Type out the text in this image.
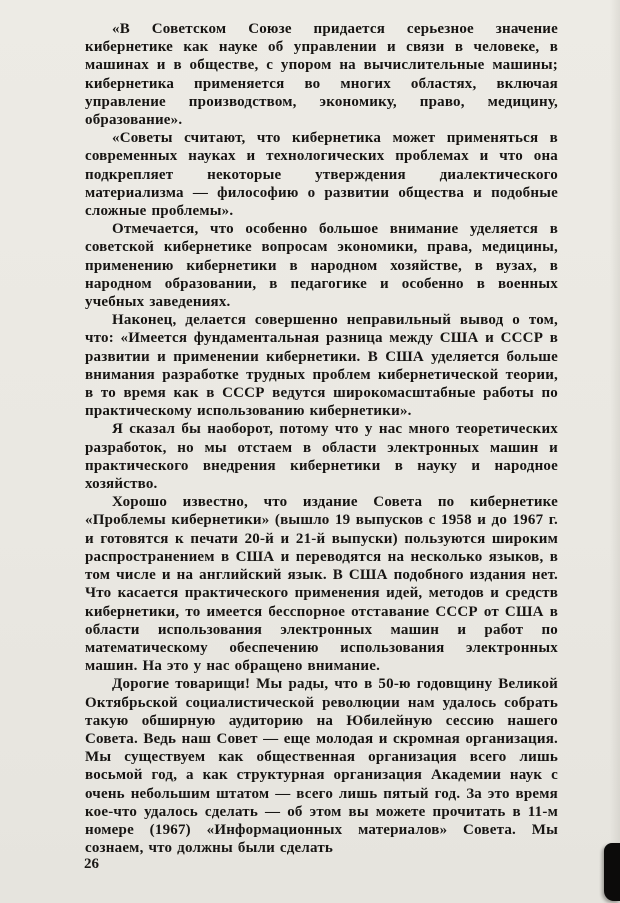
«В Советском Союзе придается серьезное значение кибернетике как науке об управлении и связи в человеке, в машинах и в обществе, с упором на вычислительные машины; кибернетика применяется во многих областях, включая управление производством, экономику, право, медицину, образование».

«Советы считают, что кибернетика может применяться в современных науках и технологических проблемах и что она подкрепляет некоторые утверждения диалектического материализма — философию о развитии общества и подобные сложные проблемы».

Отмечается, что особенно большое внимание уделяется в советской кибернетике вопросам экономики, права, медицины, применению кибернетики в народном хозяйстве, в вузах, в народном образовании, в педагогике и особенно в военных учебных заведениях.

Наконец, делается совершенно неправильный вывод о том, что: «Имеется фундаментальная разница между США и СССР в развитии и применении кибернетики. В США уделяется больше внимания разработке трудных проблем кибернетической теории, в то время как в СССР ведутся широкомасштабные работы по практическому использованию кибернетики».

Я сказал бы наоборот, потому что у нас много теоретических разработок, но мы отстаем в области электронных машин и практического внедрения кибернетики в науку и народное хозяйство.

Хорошо известно, что издание Совета по кибернетике «Проблемы кибернетики» (вышло 19 выпусков с 1958 и до 1967 г. и готовятся к печати 20-й и 21-й выпуски) пользуются широким распространением в США и переводятся на несколько языков, в том числе и на английский язык. В США подобного издания нет. Что касается практического применения идей, методов и средств кибернетики, то имеется бесспорное отставание СССР от США в области использования электронных машин и работ по математическому обеспечению использования электронных машин. На это у нас обращено внимание.

Дорогие товарищи! Мы рады, что в 50-ю годовщину Великой Октябрьской социалистической революции нам удалось собрать такую обширную аудиторию на Юбилейную сессию нашего Совета. Ведь наш Совет — еще молодая и скромная организация. Мы существуем как общественная организация всего лишь восьмой год, а как структурная организация Академии наук с очень небольшим штатом — всего лишь пятый год. За это время кое-что удалось сделать — об этом вы можете прочитать в 11-м номере (1967) «Информационных материалов» Совета. Мы сознаем, что должны были сделать

26
